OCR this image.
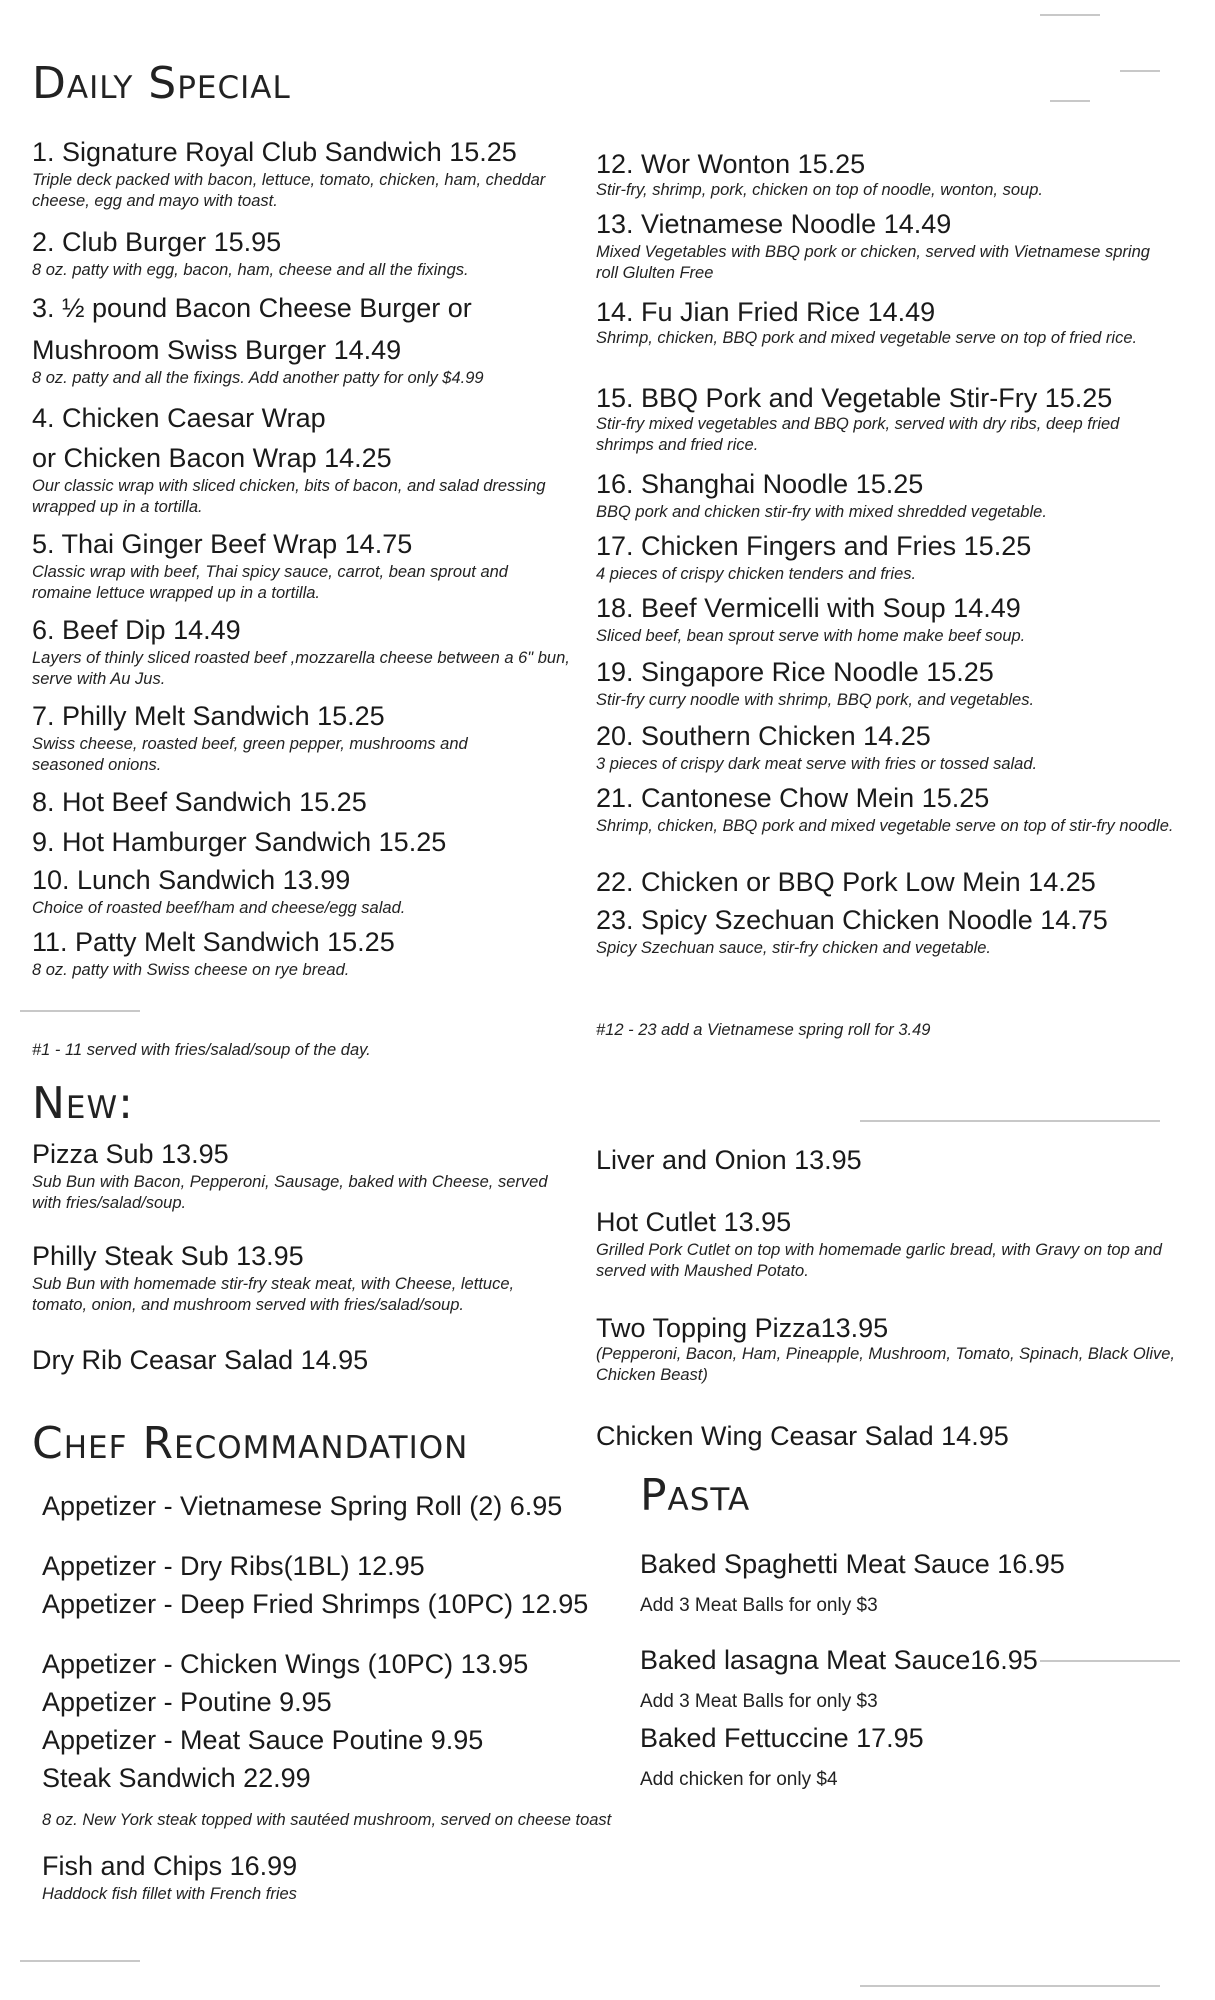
Daily Special
1. Signature Royal Club Sandwich 15.25
Triple deck packed with bacon, lettuce, tomato, chicken, ham, cheddar cheese, egg and mayo with toast.
2. Club Burger 15.95
8 oz. patty with egg, bacon, ham, cheese and all the fixings.
3. ½ pound Bacon Cheese Burger or
Mushroom Swiss Burger 14.49
8 oz. patty and all the fixings. Add another patty for only $4.99
4. Chicken Caesar Wrap
or Chicken Bacon Wrap 14.25
Our classic wrap with sliced chicken, bits of bacon, and salad dressing wrapped up in a tortilla.
5. Thai Ginger Beef Wrap 14.75
Classic wrap with beef, Thai spicy sauce, carrot, bean sprout and romaine lettuce wrapped up in a tortilla.
6. Beef Dip 14.49
Layers of thinly sliced roasted beef ,mozzarella cheese between a 6" bun, serve with Au Jus.
7. Philly Melt Sandwich 15.25
Swiss cheese, roasted beef, green pepper, mushrooms and seasoned onions.
8. Hot Beef Sandwich 15.25
9. Hot Hamburger Sandwich 15.25
10. Lunch Sandwich 13.99
Choice of roasted beef/ham and cheese/egg salad.
11. Patty Melt Sandwich 15.25
8 oz. patty with Swiss cheese on rye bread.
12. Wor Wonton 15.25
Stir-fry, shrimp, pork, chicken on top of noodle, wonton, soup.
13. Vietnamese Noodle 14.49
Mixed Vegetables with BBQ pork or chicken, served with Vietnamese spring roll Glulten Free
14. Fu Jian Fried Rice 14.49
Shrimp, chicken, BBQ pork and mixed vegetable serve on top of fried rice.
15. BBQ Pork and Vegetable Stir-Fry 15.25
Stir-fry mixed vegetables and BBQ pork, served with dry ribs, deep fried shrimps and fried rice.
16. Shanghai Noodle 15.25
BBQ pork and chicken stir-fry with mixed shredded vegetable.
17. Chicken Fingers and Fries 15.25
4 pieces of crispy chicken tenders and fries.
18. Beef Vermicelli with Soup 14.49
Sliced beef, bean sprout serve with home make beef soup.
19. Singapore Rice Noodle 15.25
Stir-fry curry noodle with shrimp, BBQ pork, and vegetables.
20. Southern Chicken 14.25
3 pieces of crispy dark meat serve with fries or tossed salad.
21. Cantonese Chow Mein 15.25
Shrimp, chicken, BBQ pork and mixed vegetable serve on top of stir-fry noodle.
22. Chicken or BBQ Pork Low Mein 14.25
23. Spicy Szechuan Chicken Noodle 14.75
Spicy Szechuan sauce, stir-fry chicken and vegetable.
#1 - 11 served with fries/salad/soup of the day.
#12 - 23 add a Vietnamese spring roll for 3.49
New:
Pizza Sub 13.95
Sub Bun with Bacon, Pepperoni, Sausage, baked with Cheese, served with fries/salad/soup.
Philly Steak Sub 13.95
Sub Bun with homemade stir-fry steak meat, with Cheese, lettuce, tomato, onion, and mushroom served with fries/salad/soup.
Dry Rib Ceasar Salad 14.95
Liver and Onion 13.95
Hot Cutlet 13.95
Grilled Pork Cutlet on top with homemade garlic bread, with Gravy on top and served with Maushed Potato.
Two Topping Pizza13.95
(Pepperoni, Bacon, Ham, Pineapple, Mushroom, Tomato, Spinach, Black Olive, Chicken Beast)
Chicken Wing Ceasar Salad 14.95
Chef Recommandation
Appetizer - Vietnamese Spring Roll (2) 6.95
Appetizer - Dry Ribs(1BL) 12.95
Appetizer - Deep Fried Shrimps (10PC) 12.95
Appetizer - Chicken Wings (10PC) 13.95
Appetizer - Poutine 9.95
Appetizer - Meat Sauce Poutine 9.95
Steak Sandwich 22.99
8 oz. New York steak topped with sautéed mushroom, served on cheese toast
Fish and Chips 16.99
Haddock fish fillet with French fries
Pasta
Baked Spaghetti Meat Sauce 16.95
Add 3 Meat Balls for only $3
Baked lasagna Meat Sauce16.95
Add 3 Meat Balls for only $3
Baked Fettuccine 17.95
Add chicken for only $4
